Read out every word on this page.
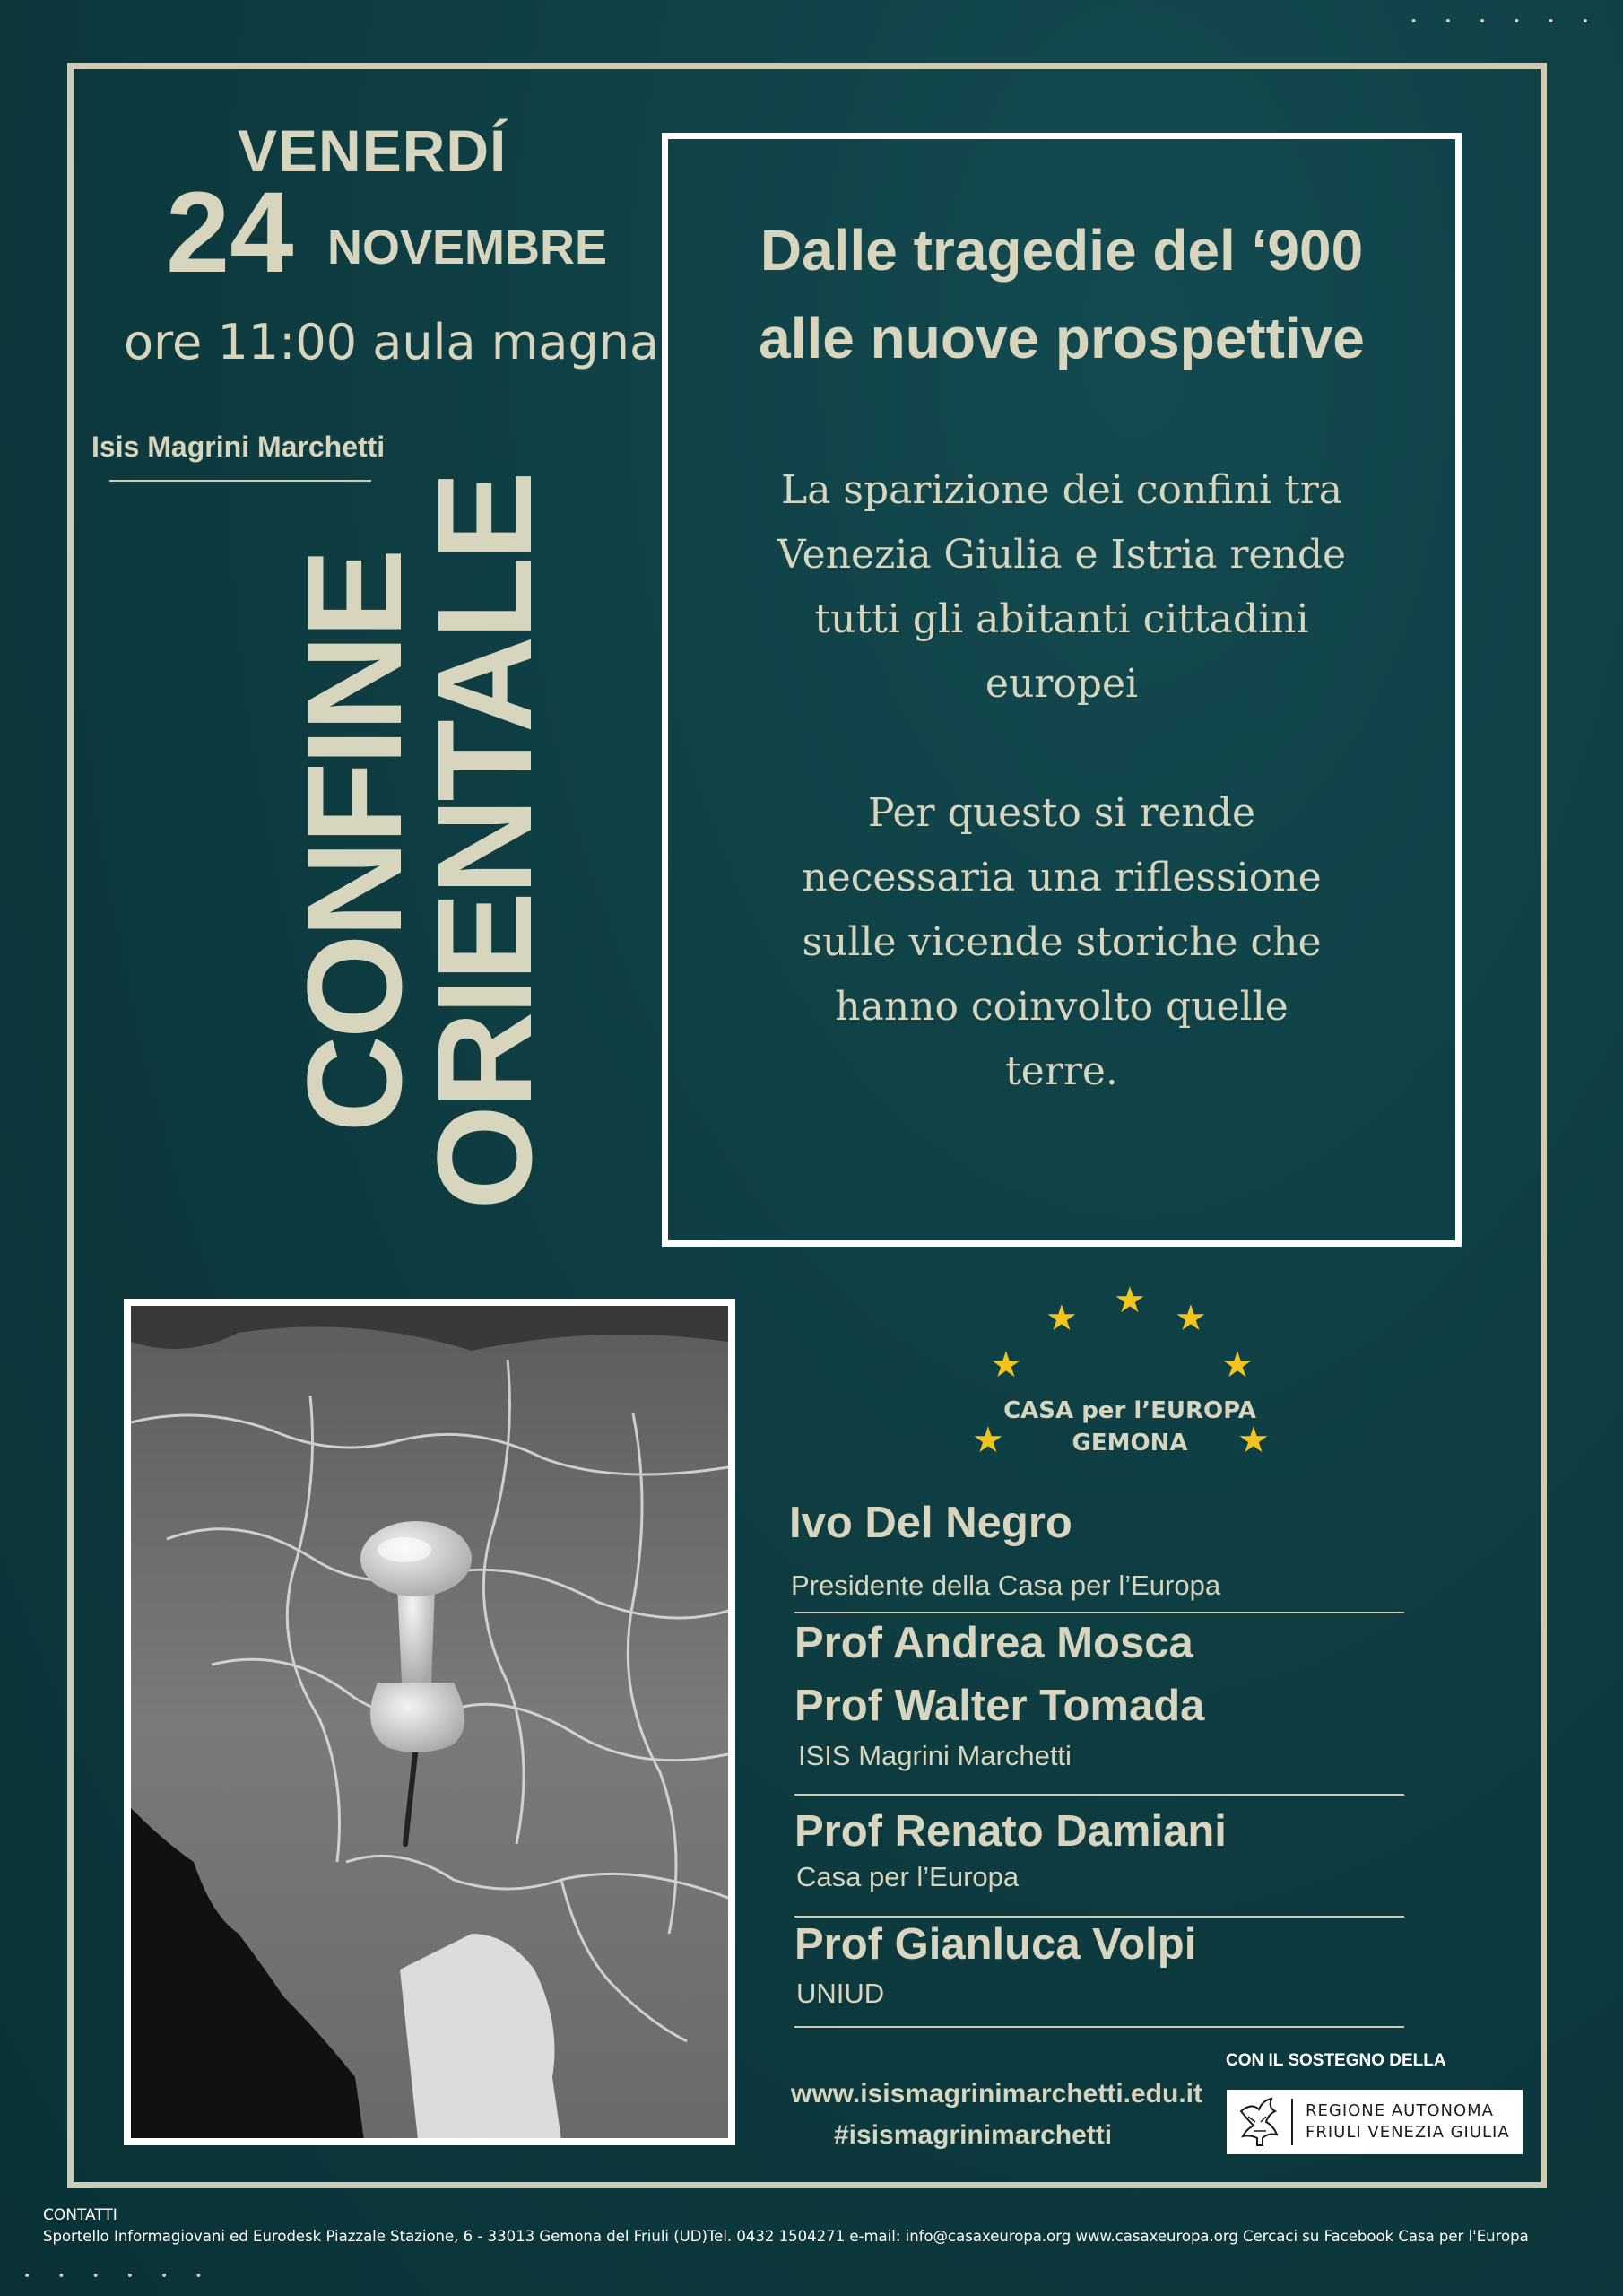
••••••
••••••
VENERDÍ
24 NOVEMBRE
ore 11:00 aula magna
Isis Magrini Marchetti
CONFINE
ORIENTALE
Dalle tragedie del ‘900
alle nuove prospettive

La sparizione dei confini tra Venezia Giulia e Istria rende tutti gli abitanti cittadini europei

Per questo si rende necessaria una riflessione sulle vicende storiche che hanno coinvolto quelle terre.

★
★	★
★	★
★	★
CASA per l’EUROPA
GEMONA
Ivo Del Negro
Presidente della Casa per l’Europa
Prof Andrea Mosca
Prof Walter Tomada
ISIS Magrini Marchetti
Prof Renato Damiani
Casa per l’Europa
Prof Gianluca Volpi
UNIUD
www.isismagrinimarchetti.edu.it
#isismagrinimarchetti
CON IL SOSTEGNO DELLA
REGIONE AUTONOMA
FRIULI VENEZIA GIULIA
CONTATTI
Sportello Informagiovani ed Eurodesk Piazzale Stazione, 6 - 33013 Gemona del Friuli (UD)Tel. 0432 1504271 e-mail: info@casaxeuropa.org www.casaxeuropa.org Cercaci su Facebook Casa per l'Europa
